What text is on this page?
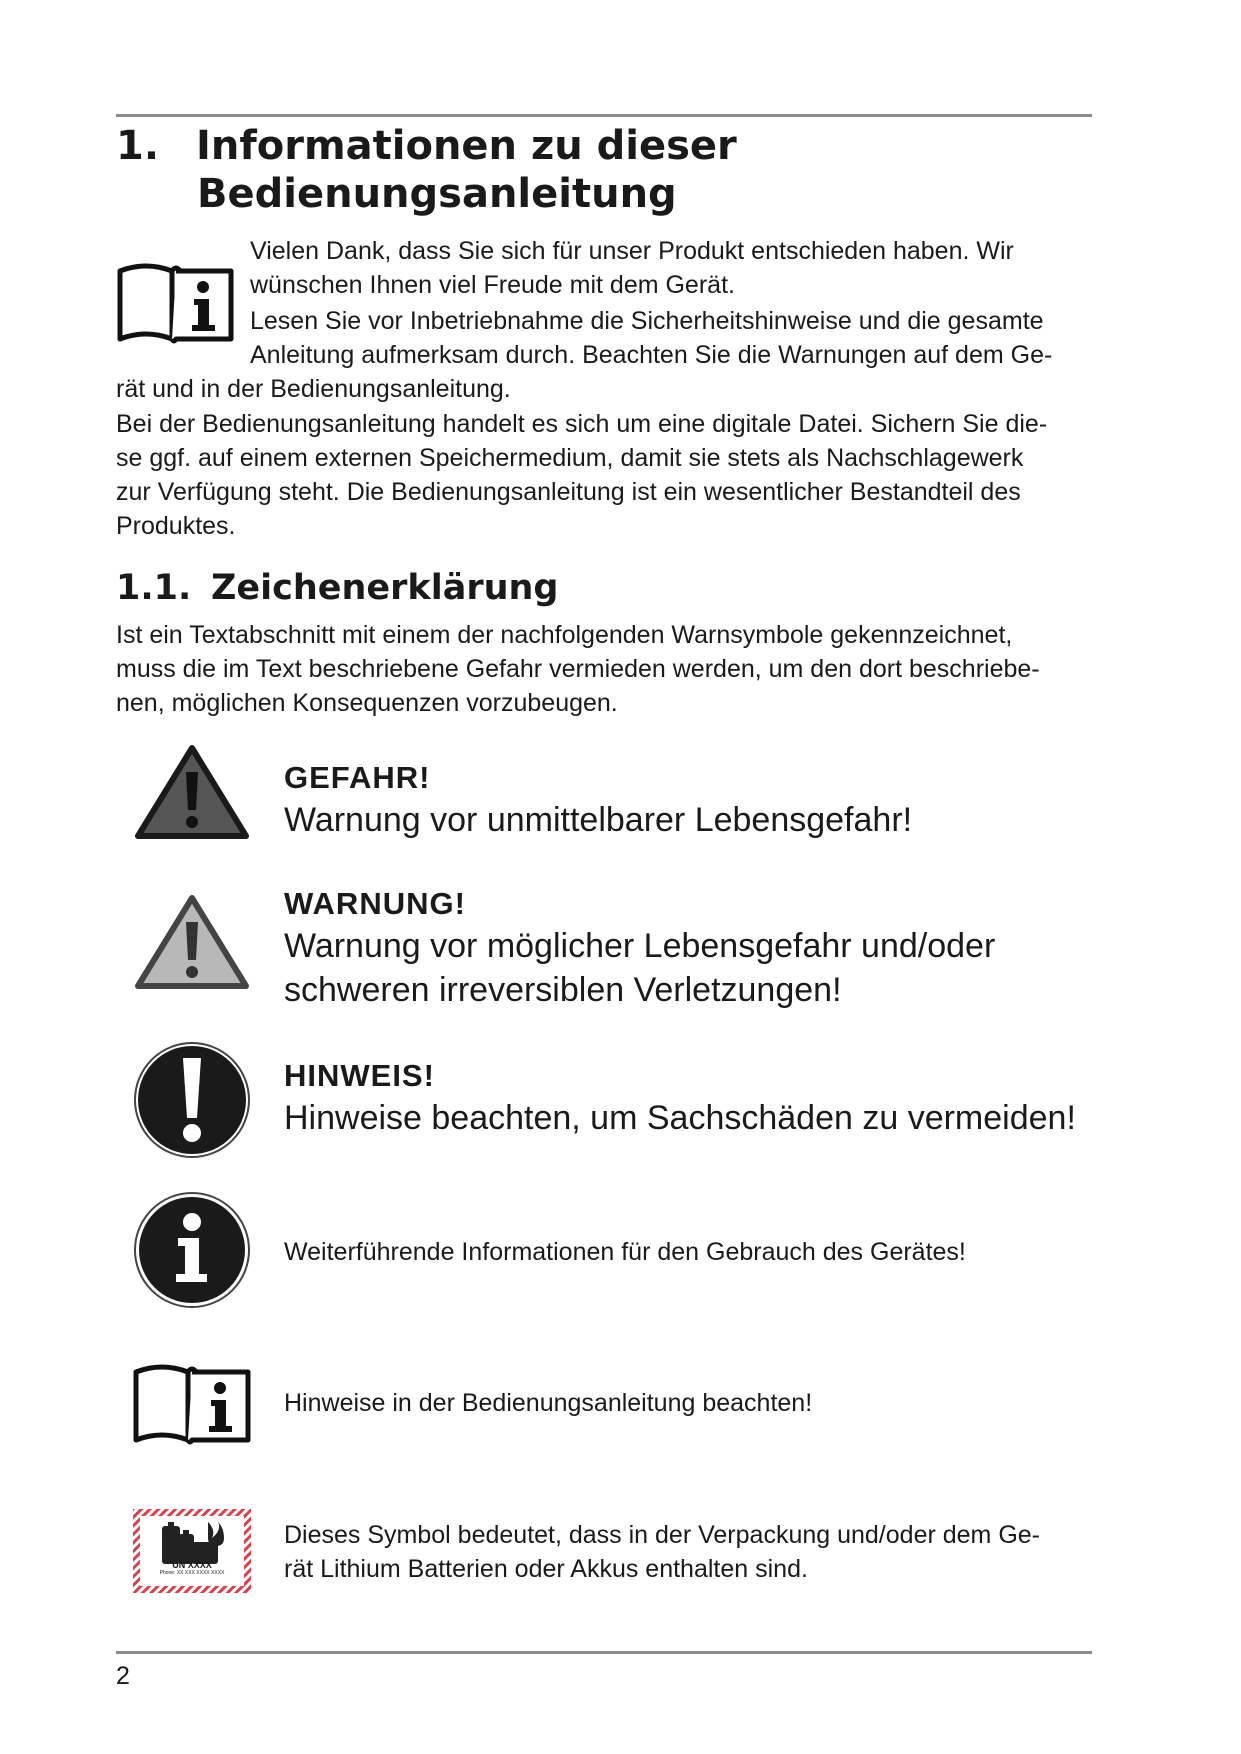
1. Informationen zu dieser
Bedienungsanleitung

Vielen Dank, dass Sie sich für unser Produkt entschieden haben. Wir

wünschen Ihnen viel Freude mit dem Gerät.

Lesen Sie vor Inbetriebnahme die Sicherheitshinweise und die gesamte

Anleitung aufmerksam durch. Beachten Sie die Warnungen auf dem Ge-

rät und in der Bedienungsanleitung.

Bei der Bedienungsanleitung handelt es sich um eine digitale Datei. Sichern Sie die-
se ggf. auf einem externen Speichermedium, damit sie stets als Nachschlagewerk
zur Verfügung steht. Die Bedienungsanleitung ist ein wesentlicher Bestandteil des
Produktes.
1.1. Zeichenerklärung
Ist ein Textabschnitt mit einem der nachfolgenden Warnsymbole gekennzeichnet,
muss die im Text beschriebene Gefahr vermieden werden, um den dort beschriebe-
nen, möglichen Konsequenzen vorzubeugen.
GEFAHR!
Warnung vor unmittelbarer Lebensgefahr!
WARNUNG!
Warnung vor möglicher Lebensgefahr und/oder
schweren irreversiblen Verletzungen!
HINWEIS!
Hinweise beachten, um Sachschäden zu vermeiden!
Weiterführende Informationen für den Gebrauch des Gerätes!
Hinweise in der Bedienungsanleitung beachten!
UN XXXX
Phone: XX XXX XXXX XXXX
Dieses Symbol bedeutet, dass in der Verpackung und/oder dem Ge-
rät Lithium Batterien oder Akkus enthalten sind.
2
